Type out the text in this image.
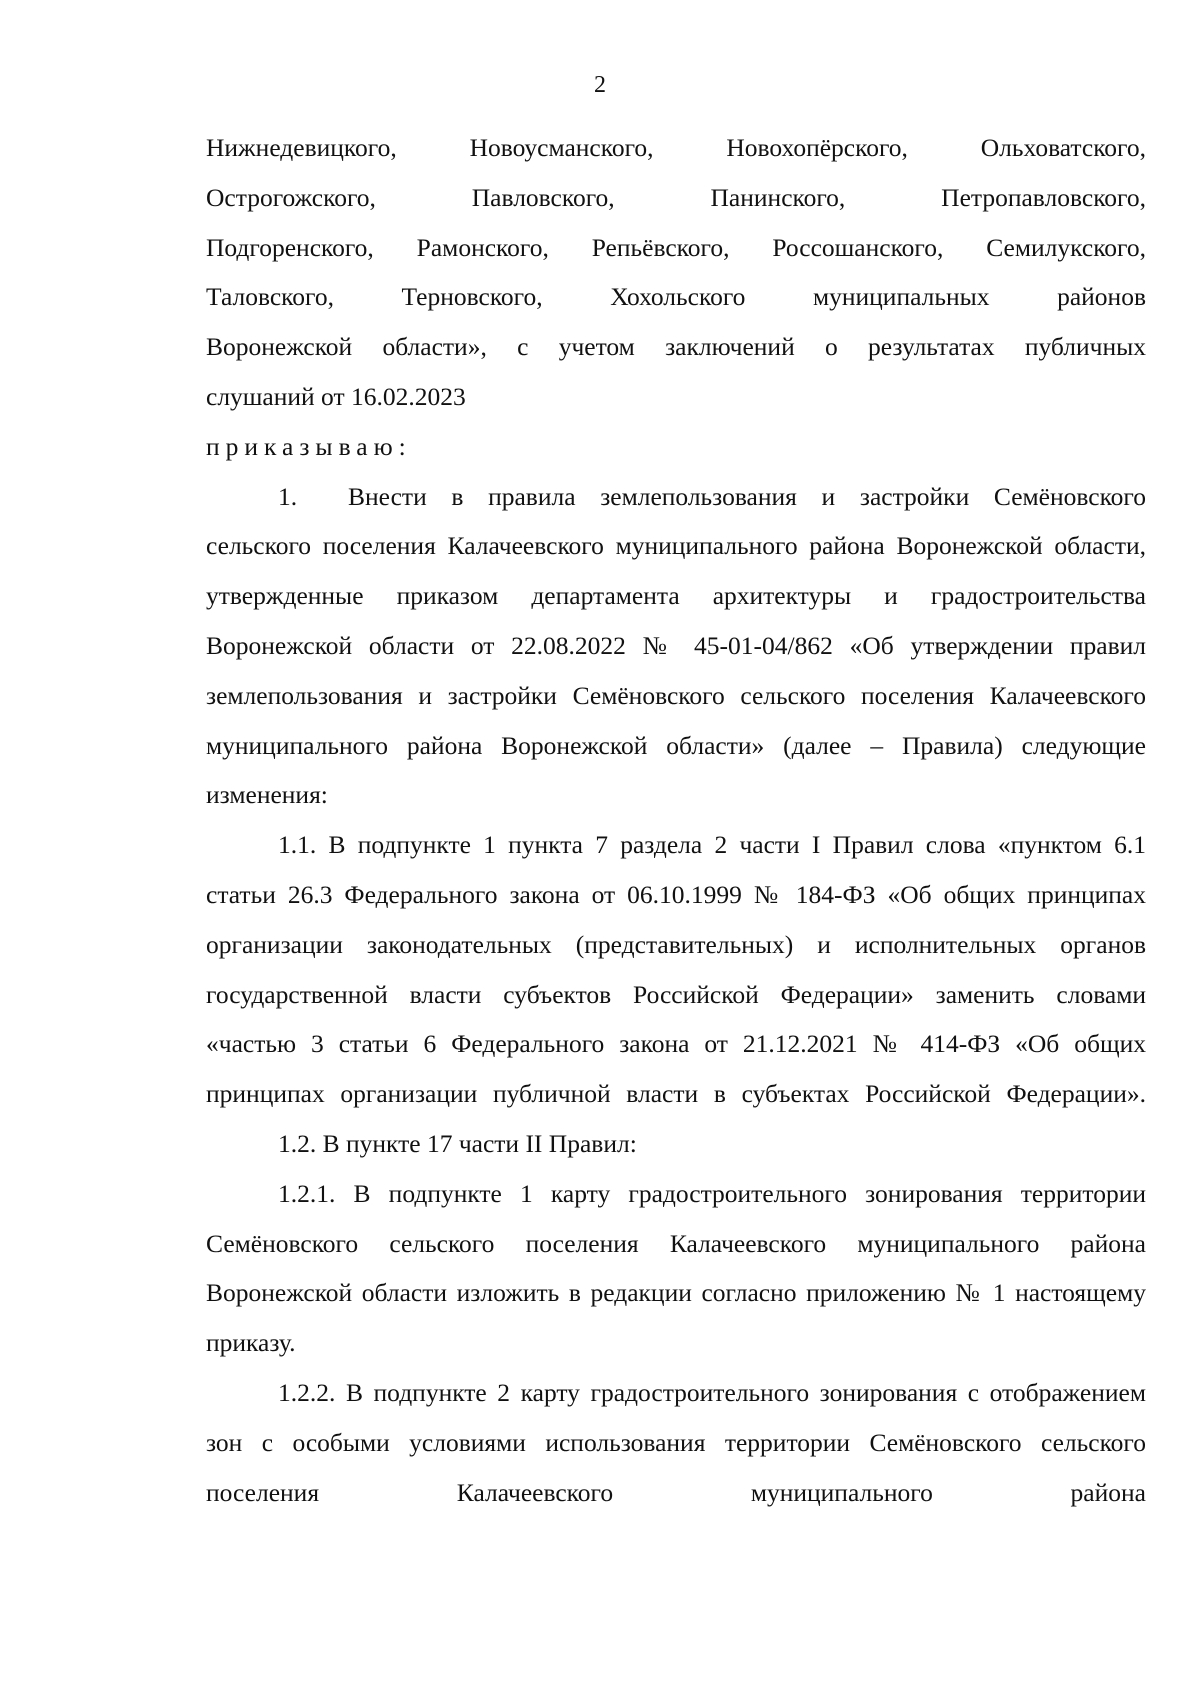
2

Нижнедевицкого, Новоусманского, Новохопёрского, Ольховатского,

Острогожского, Павловского, Панинского, Петропавловского,

Подгоренского, Рамонского, Репьёвского, Россошанского, Семилукского,

Таловского, Терновского, Хохольского муниципальных районов

Воронежской области», с учетом заключений о результатах публичных

слушаний от 16.02.2023

приказываю:

1. Внести в правила землепользования и застройки Семёновского сельского поселения Калачеевского муниципального района Воронежской области, утвержденные приказом департамента архитектуры и градостроительства Воронежской области от 22.08.2022 № 45-01-04/862 «Об утверждении правил землепользования и застройки Семёновского сельского поселения Калачеевского муниципального района Воронежской области» (далее – Правила) следующие изменения:

1.1. В подпункте 1 пункта 7 раздела 2 части I Правил слова «пунктом 6.1 статьи 26.3 Федерального закона от 06.10.1999 № 184-ФЗ «Об общих принципах организации законодательных (представительных) и исполнительных органов государственной власти субъектов Российской Федерации» заменить словами «частью 3 статьи 6 Федерального закона от 21.12.2021 № 414-ФЗ «Об общих принципах организации публичной власти в субъектах Российской Федерации».

1.2. В пункте 17 части II Правил:

1.2.1. В подпункте 1 карту градостроительного зонирования территории Семёновского сельского поселения Калачеевского муниципального района Воронежской области изложить в редакции согласно приложению № 1 настоящему приказу.

1.2.2. В подпункте 2 карту градостроительного зонирования с отображением зон с особыми условиями использования территории Семёновского сельского поселения Калачеевского муниципального района
